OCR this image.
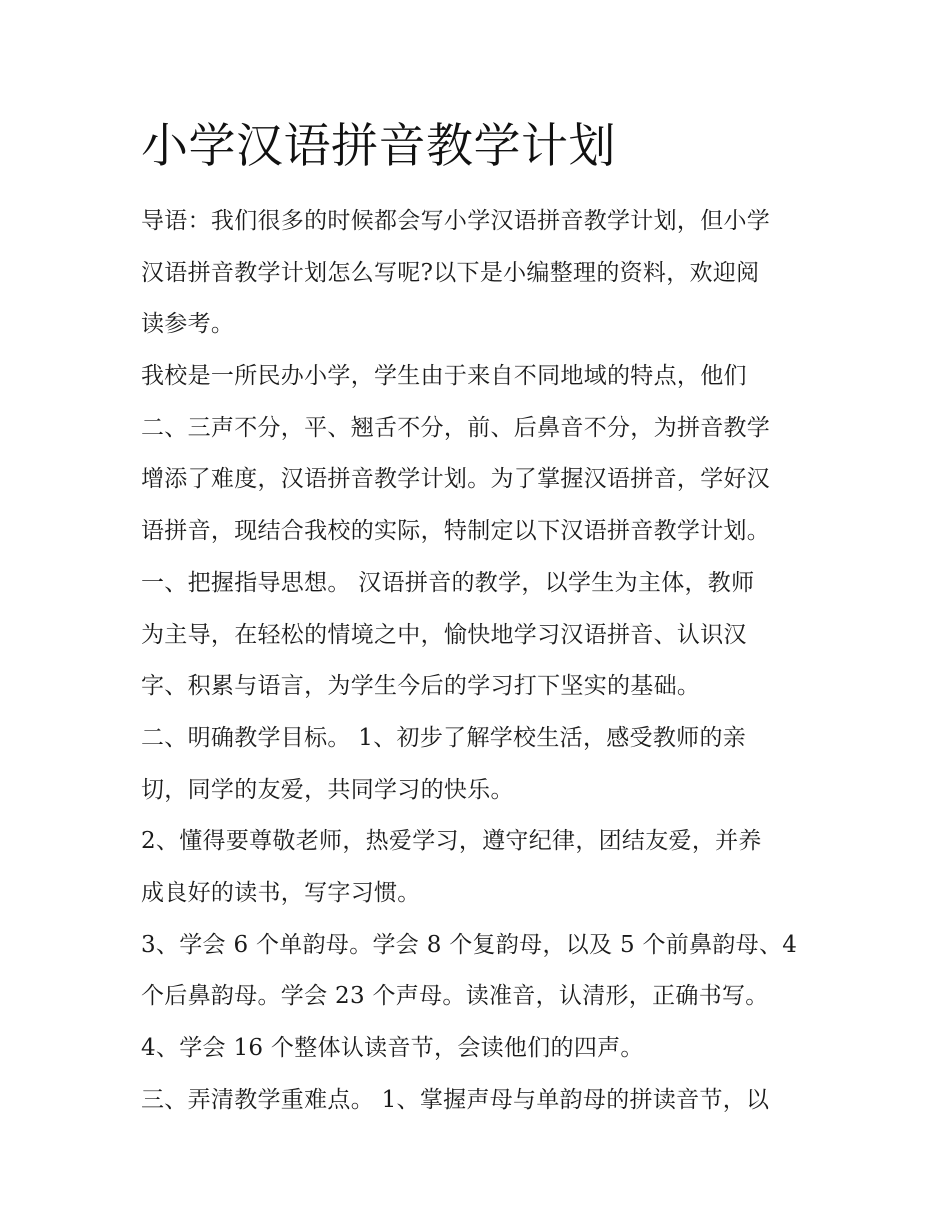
小学汉语拼音教学计划
导语：我们很多的时候都会写小学汉语拼音教学计划，但小学
汉语拼音教学计划怎么写呢?以下是小编整理的资料，欢迎阅
读参考。
我校是一所民办小学，学生由于来自不同地域的特点，他们
二、三声不分，平、翘舌不分，前、后鼻音不分，为拼音教学
增添了难度，汉语拼音教学计划。为了掌握汉语拼音，学好汉
语拼音，现结合我校的实际，特制定以下汉语拼音教学计划。
一、把握指导思想。 汉语拼音的教学，以学生为主体，教师
为主导，在轻松的情境之中，愉快地学习汉语拼音、认识汉
字、积累与语言，为学生今后的学习打下坚实的基础。
二、明确教学目标。 1、初步了解学校生活，感受教师的亲
切，同学的友爱，共同学习的快乐。
2、懂得要尊敬老师，热爱学习，遵守纪律，团结友爱，并养
成良好的读书，写字习惯。
3、学会 6 个单韵母。学会 8 个复韵母，以及 5 个前鼻韵母、4
个后鼻韵母。学会 23 个声母。读准音，认清形，正确书写。
4、学会 16 个整体认读音节，会读他们的四声。
三、弄清教学重难点。 1、掌握声母与单韵母的拼读音节，以
